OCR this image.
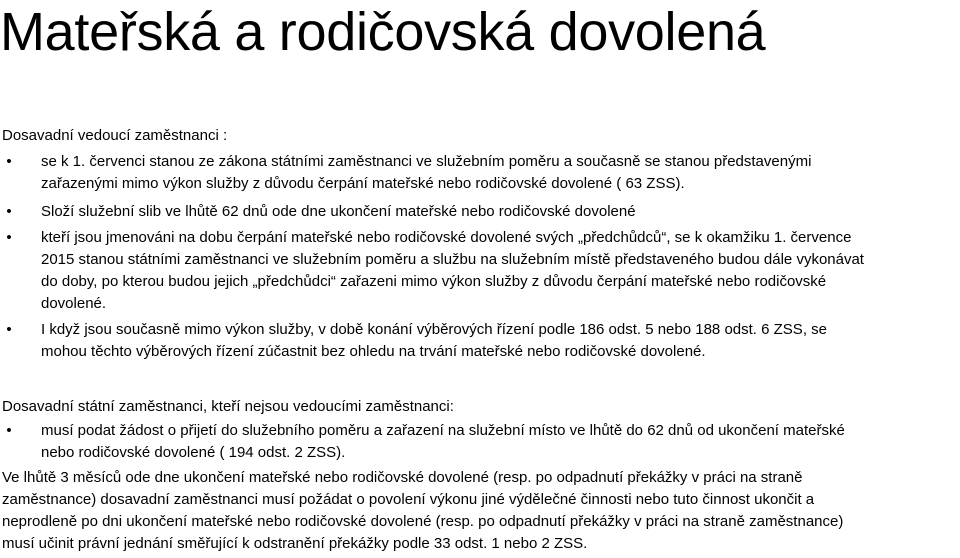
Mateřská a rodičovská dovolená
Dosavadní vedoucí zaměstnanci :
• se k 1. červenci stanou ze zákona státními zaměstnanci ve služebním poměru a současně se stanou představenými
zařazenými mimo výkon služby z důvodu čerpání mateřské nebo rodičovské dovolené ( 63 ZSS).
• Složí služební slib ve lhůtě 62 dnů ode dne ukončení mateřské nebo rodičovské dovolené
• kteří jsou jmenováni na dobu čerpání mateřské nebo rodičovské dovolené svých „předchůdců“, se k okamžiku 1. července
2015 stanou státními zaměstnanci ve služebním poměru a službu na služebním místě představeného budou dále vykonávat
do doby, po kterou budou jejich „předchůdci“ zařazeni mimo výkon služby z důvodu čerpání mateřské nebo rodičovské
dovolené.
• I když jsou současně mimo výkon služby, v době konání výběrových řízení podle 186 odst. 5 nebo 188 odst. 6 ZSS, se
mohou těchto výběrových řízení zúčastnit bez ohledu na trvání mateřské nebo rodičovské dovolené.
Dosavadní státní zaměstnanci, kteří nejsou vedoucími zaměstnanci:
• musí podat žádost o přijetí do služebního poměru a zařazení na služební místo ve lhůtě do 62 dnů od ukončení mateřské
nebo rodičovské dovolené ( 194 odst. 2 ZSS).
Ve lhůtě 3 měsíců ode dne ukončení mateřské nebo rodičovské dovolené (resp. po odpadnutí překážky v práci na straně
zaměstnance) dosavadní zaměstnanci musí požádat o povolení výkonu jiné výdělečné činnosti nebo tuto činnost ukončit a
neprodleně po dni ukončení mateřské nebo rodičovské dovolené (resp. po odpadnutí překážky v práci na straně zaměstnance)
musí učinit právní jednání směřující k odstranění překážky podle 33 odst. 1 nebo 2 ZSS.
